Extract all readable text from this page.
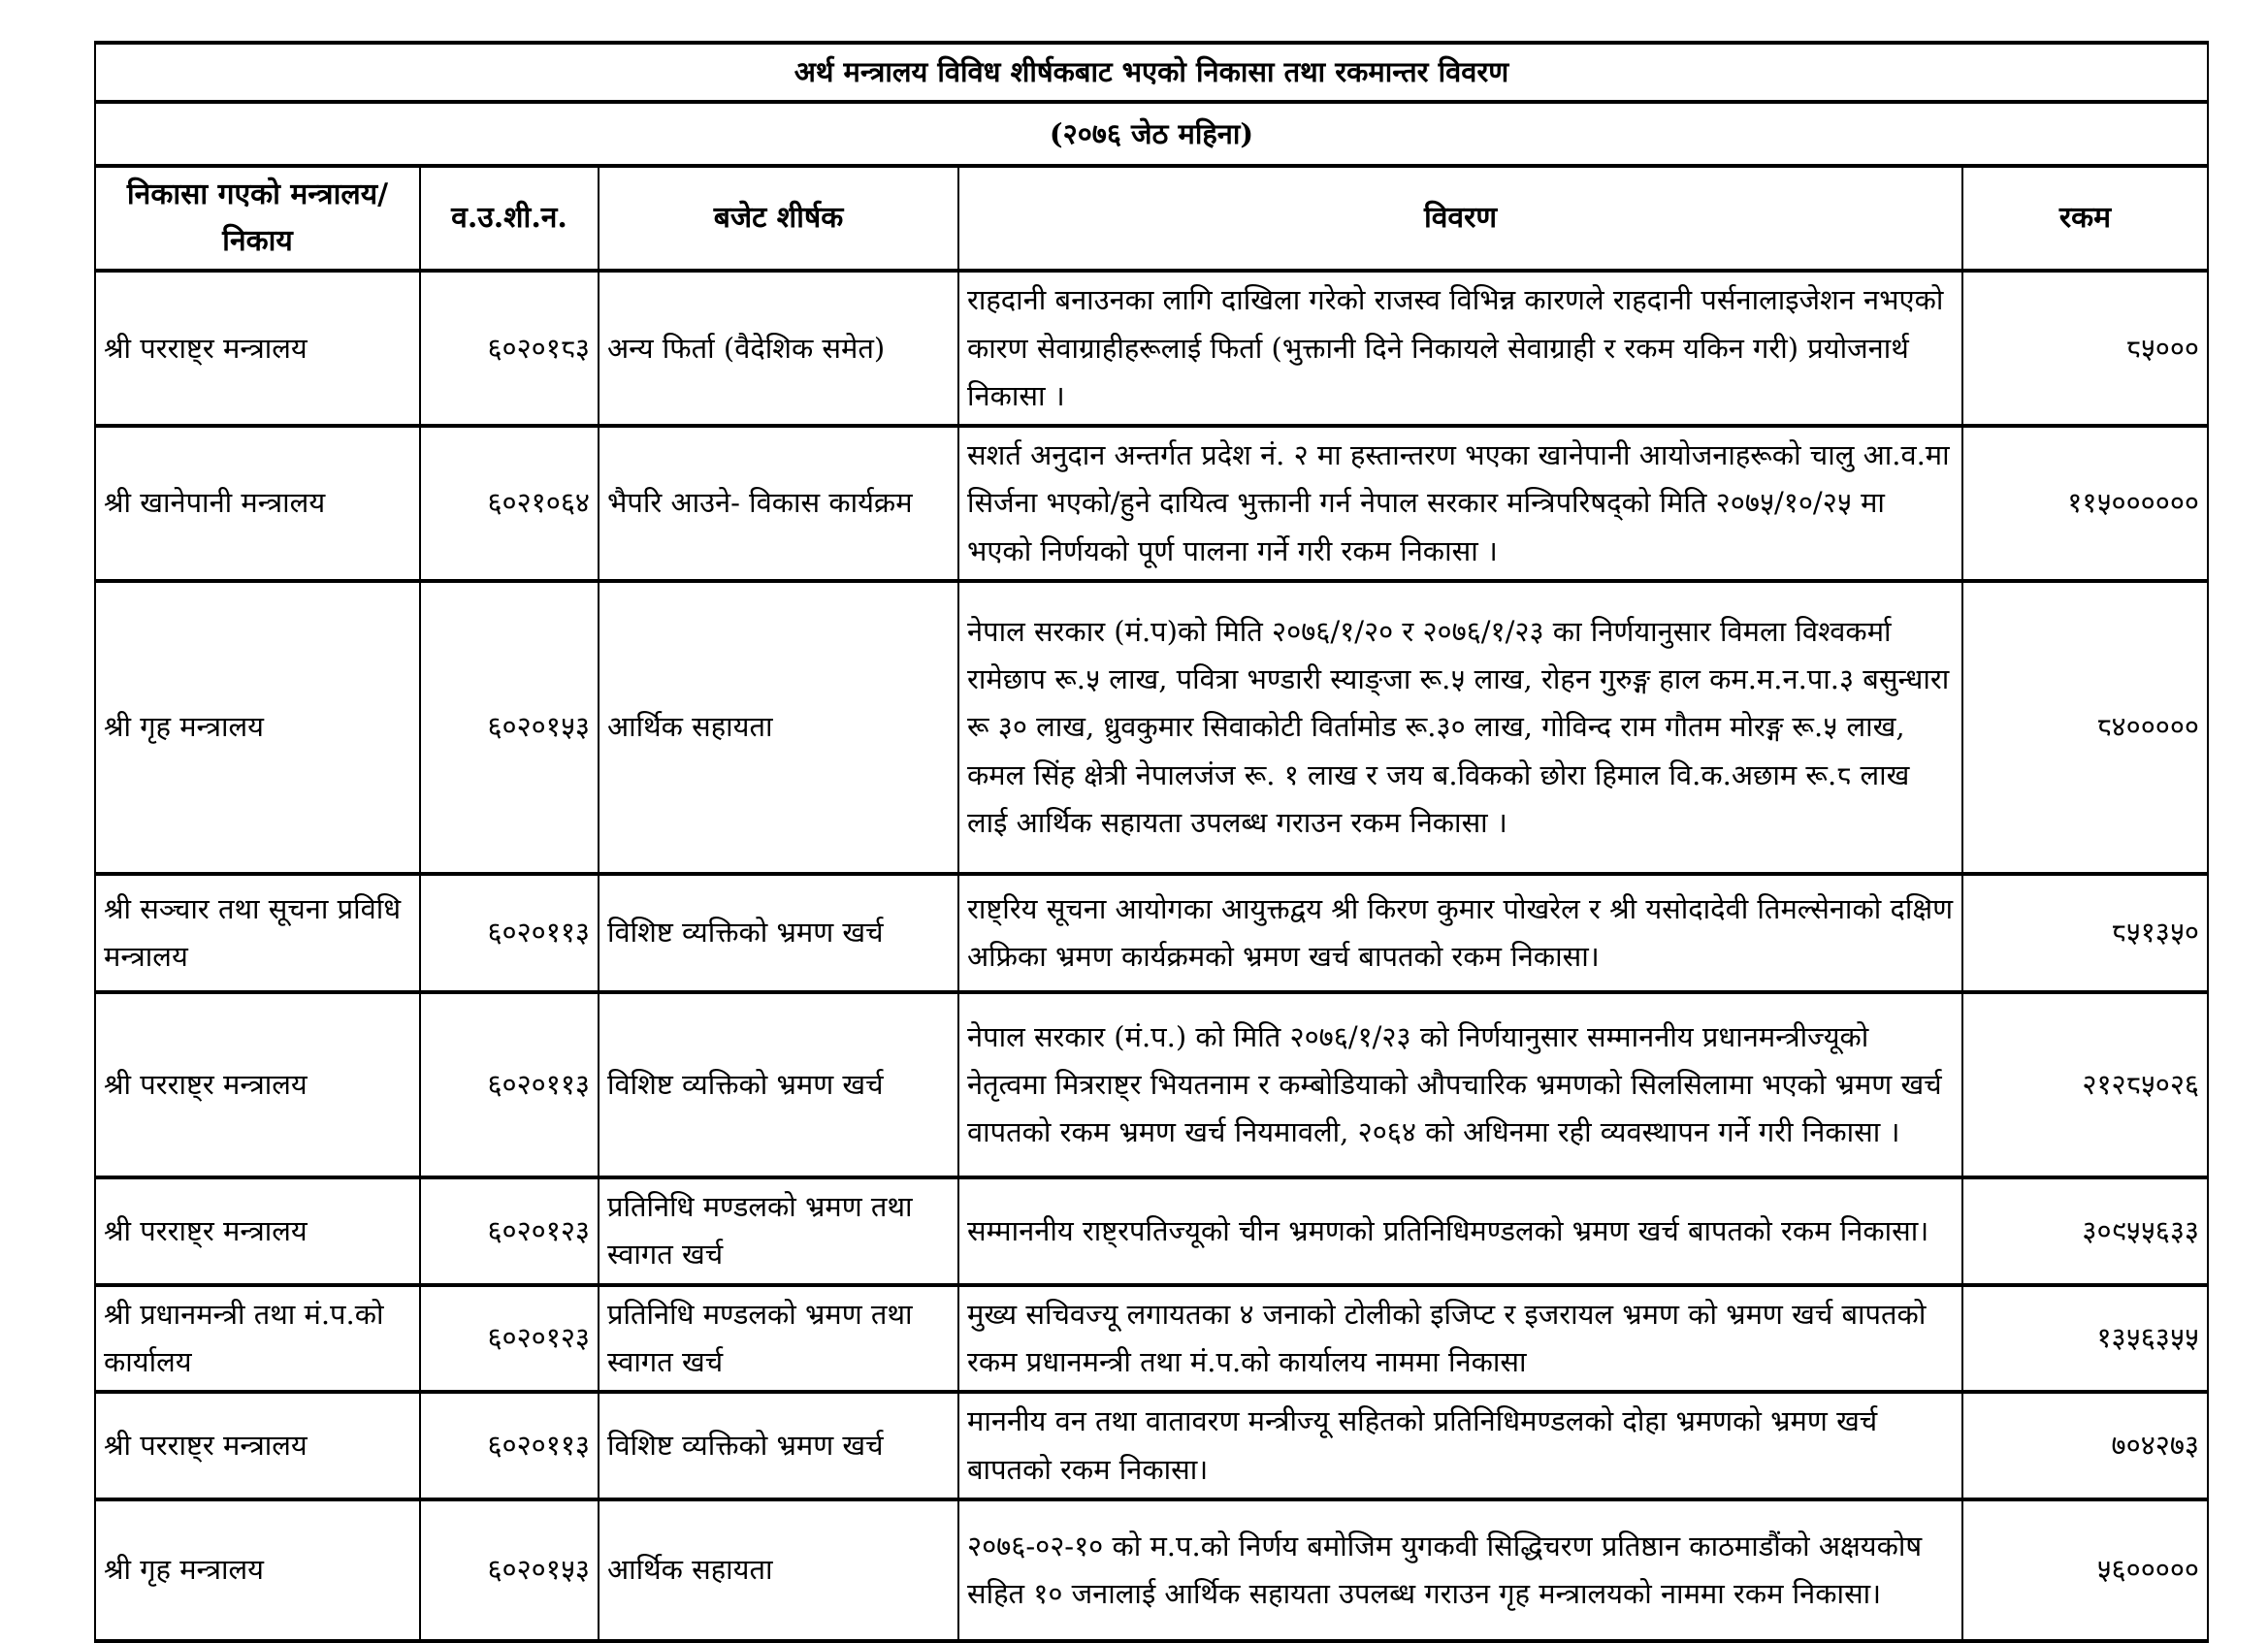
अर्थ मन्त्रालय विविध शीर्षकबाट भएको निकासा तथा रकमान्तर विवरण				
(२०७६ जेठ महिना)				
निकासा गएको मन्त्रालय/निकाय	व.उ.शी.न.	बजेट शीर्षक	विवरण	रकम
श्री परराष्ट्र मन्त्रालय	६०२०१८३	अन्य फिर्ता (वैदेशिक समेत)	राहदानी बनाउनका लागि दाखिला गरेको राजस्व विभिन्न कारणले राहदानी पर्सनालाइजेशन नभएको कारण सेवाग्राहीहरूलाई फिर्ता (भुक्तानी दिने निकायले सेवाग्राही र रकम यकिन गरी) प्रयोजनार्थ निकासा ।	८५०००
श्री खानेपानी मन्त्रालय	६०२१०६४	भैपरि आउने- विकास कार्यक्रम	सशर्त अनुदान अन्तर्गत प्रदेश नं. २ मा हस्तान्तरण भएका खानेपानी आयोजनाहरूको चालु आ.व.मा सिर्जना भएको/हुने दायित्व भुक्तानी गर्न नेपाल सरकार मन्त्रिपरिषद्को मिति २०७५/१०/२५ मा भएको निर्णयको पूर्ण पालना गर्ने गरी रकम निकासा ।	११५००००००
श्री गृह मन्त्रालय	६०२०१५३	आर्थिक सहायता	नेपाल सरकार (मं.प)को मिति २०७६/१/२० र २०७६/१/२३ का निर्णयानुसार विमला विश्वकर्मा रामेछाप रू.५ लाख, पवित्रा भण्डारी स्याङ्जा रू.५ लाख, रोहन गुरुङ्ग हाल कम.म.न.पा.३ बसुन्धारा रू ३० लाख, ध्रुवकुमार सिवाकोटी विर्तामोड रू.३० लाख, गोविन्द राम गौतम मोरङ्ग रू.५ लाख, कमल सिंह क्षेत्री नेपालजंज रू. १ लाख र जय ब.विकको छोरा हिमाल वि.क.अछाम रू.८ लाख लाई आर्थिक सहायता उपलब्ध गराउन रकम निकासा ।	८४०००००
श्री सञ्चार तथा सूचना प्रविधि मन्त्रालय	६०२०११३	विशिष्ट व्यक्तिको भ्रमण खर्च	राष्ट्रिय सूचना आयोगका आयुक्तद्वय श्री किरण कुमार पोखरेल र श्री यसोदादेवी तिमल्सेनाको दक्षिण अफ्रिका भ्रमण कार्यक्रमको भ्रमण खर्च बापतको रकम निकासा।	८५१३५०
श्री परराष्ट्र मन्त्रालय	६०२०११३	विशिष्ट व्यक्तिको भ्रमण खर्च	नेपाल सरकार (मं.प.) को मिति २०७६/१/२३ को निर्णयानुसार सम्माननीय प्रधानमन्त्रीज्यूको नेतृत्वमा मित्रराष्ट्र भियतनाम र कम्बोडियाको औपचारिक भ्रमणको सिलसिलामा भएको भ्रमण खर्च वापतको रकम भ्रमण खर्च नियमावली, २०६४ को अधिनमा रही व्यवस्थापन गर्ने गरी निकासा ।	२१२८५०२६
श्री परराष्ट्र मन्त्रालय	६०२०१२३	प्रतिनिधि मण्डलको भ्रमण तथा स्वागत खर्च	सम्माननीय राष्ट्रपतिज्यूको चीन भ्रमणको प्रतिनिधिमण्डलको भ्रमण खर्च बापतको रकम निकासा।	३०९५५६३३
श्री प्रधानमन्त्री तथा मं.प.को कार्यालय	६०२०१२३	प्रतिनिधि मण्डलको भ्रमण तथा स्वागत खर्च	मुख्य सचिवज्यू लगायतका ४ जनाको टोलीको इजिप्ट र इजरायल भ्रमण को भ्रमण खर्च बापतको रकम प्रधानमन्त्री तथा मं.प.को कार्यालय नाममा निकासा	१३५६३५५
श्री परराष्ट्र मन्त्रालय	६०२०११३	विशिष्ट व्यक्तिको भ्रमण खर्च	माननीय वन तथा वातावरण मन्त्रीज्यू सहितको प्रतिनिधिमण्डलको दोहा भ्रमणको भ्रमण खर्च बापतको रकम निकासा।	७०४२७३
श्री गृह मन्त्रालय	६०२०१५३	आर्थिक सहायता	२०७६-०२-१० को म.प.को निर्णय बमोजिम युगकवी सिद्धिचरण प्रतिष्ठान काठमाडौंको अक्षयकोष सहित १० जनालाई आर्थिक सहायता उपलब्ध गराउन गृह मन्त्रालयको नाममा रकम निकासा।	५६०००००
